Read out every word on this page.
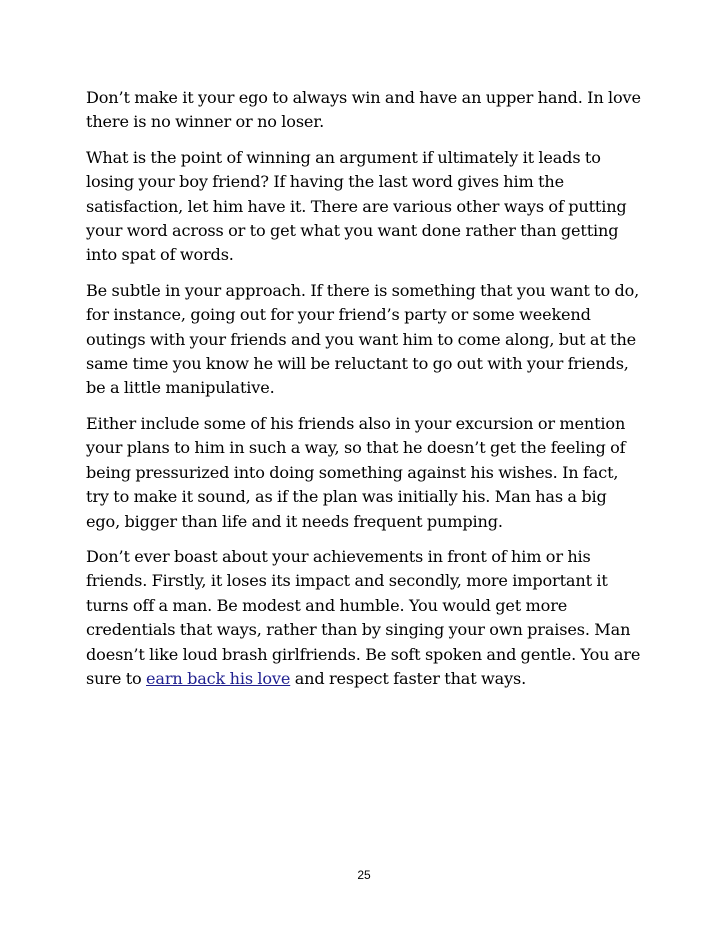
Don’t make it your ego to always win and have an upper hand. In love there is no winner or no loser.

What is the point of winning an argument if ultimately it leads to losing your boy friend? If having the last word gives him the satisfaction, let him have it. There are various other ways of putting your word across or to get what you want done rather than getting into spat of words.

Be subtle in your approach. If there is something that you want to do, for instance, going out for your friend’s party or some weekend outings with your friends and you want him to come along, but at the same time you know he will be reluctant to go out with your friends, be a little manipulative.

Either include some of his friends also in your excursion or mention your plans to him in such a way, so that he doesn’t get the feeling of being pressurized into doing something against his wishes. In fact, try to make it sound, as if the plan was initially his. Man has a big ego, bigger than life and it needs frequent pumping.

Don’t ever boast about your achievements in front of him or his friends. Firstly, it loses its impact and secondly, more important it turns off a man. Be modest and humble. You would get more credentials that ways, rather than by singing your own praises. Man doesn’t like loud brash girlfriends. Be soft spoken and gentle. You are sure to earn back his love and respect faster that ways.

25
